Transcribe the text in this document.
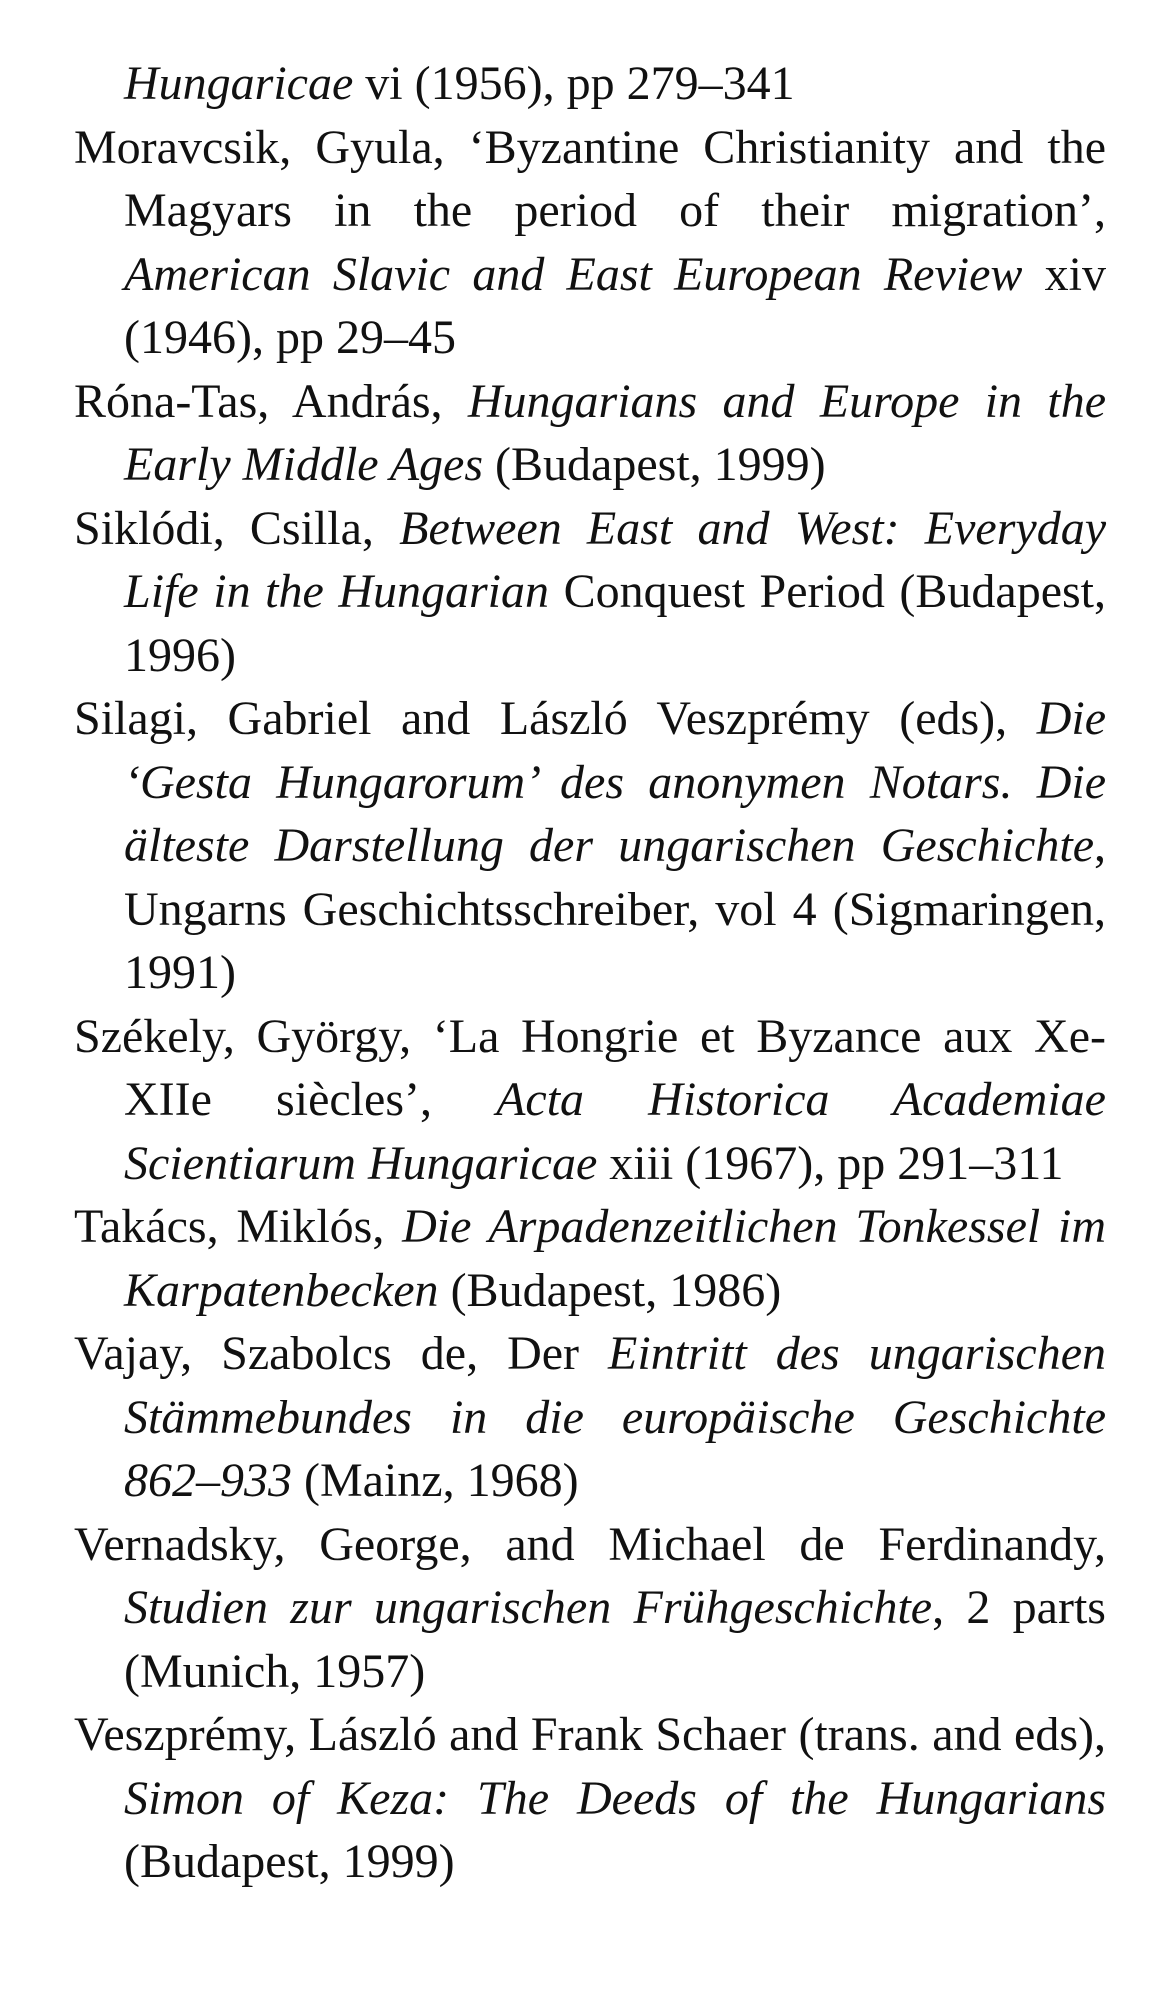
Hungaricae vi (1956), pp 279–341

Moravcsik, Gyula, ‘Byzantine Christianity and the Magyars in the period of their migration’, American Slavic and East European Review xiv (1946), pp 29–45

Róna-Tas, András, Hungarians and Europe in the Early Middle Ages (Budapest, 1999)

Siklódi, Csilla, Between East and West: Everyday Life in the Hungarian Conquest Period (Budapest, 1996)

Silagi, Gabriel and László Veszprémy (eds), Die ‘Gesta Hungarorum’ des anonymen Notars. Die älteste Darstellung der ungarischen Geschichte, Ungarns Geschichtsschreiber, vol 4 (Sigmaringen, 1991)

Székely, György, ‘La Hongrie et Byzance aux Xe-XIIe siècles’, Acta Historica Academiae Scientiarum Hungaricae xiii (1967), pp 291–311

Takács, Miklós, Die Arpadenzeitlichen Tonkessel im Karpatenbecken (Budapest, 1986)

Vajay, Szabolcs de, Der Eintritt des ungarischen Stämmebundes in die europäische Geschichte 862–933 (Mainz, 1968)

Vernadsky, George, and Michael de Ferdinandy, Studien zur ungarischen Frühgeschichte, 2 parts (Munich, 1957)

Veszprémy, László and Frank Schaer (trans. and eds), Simon of Keza: The Deeds of the Hungarians (Budapest, 1999)
